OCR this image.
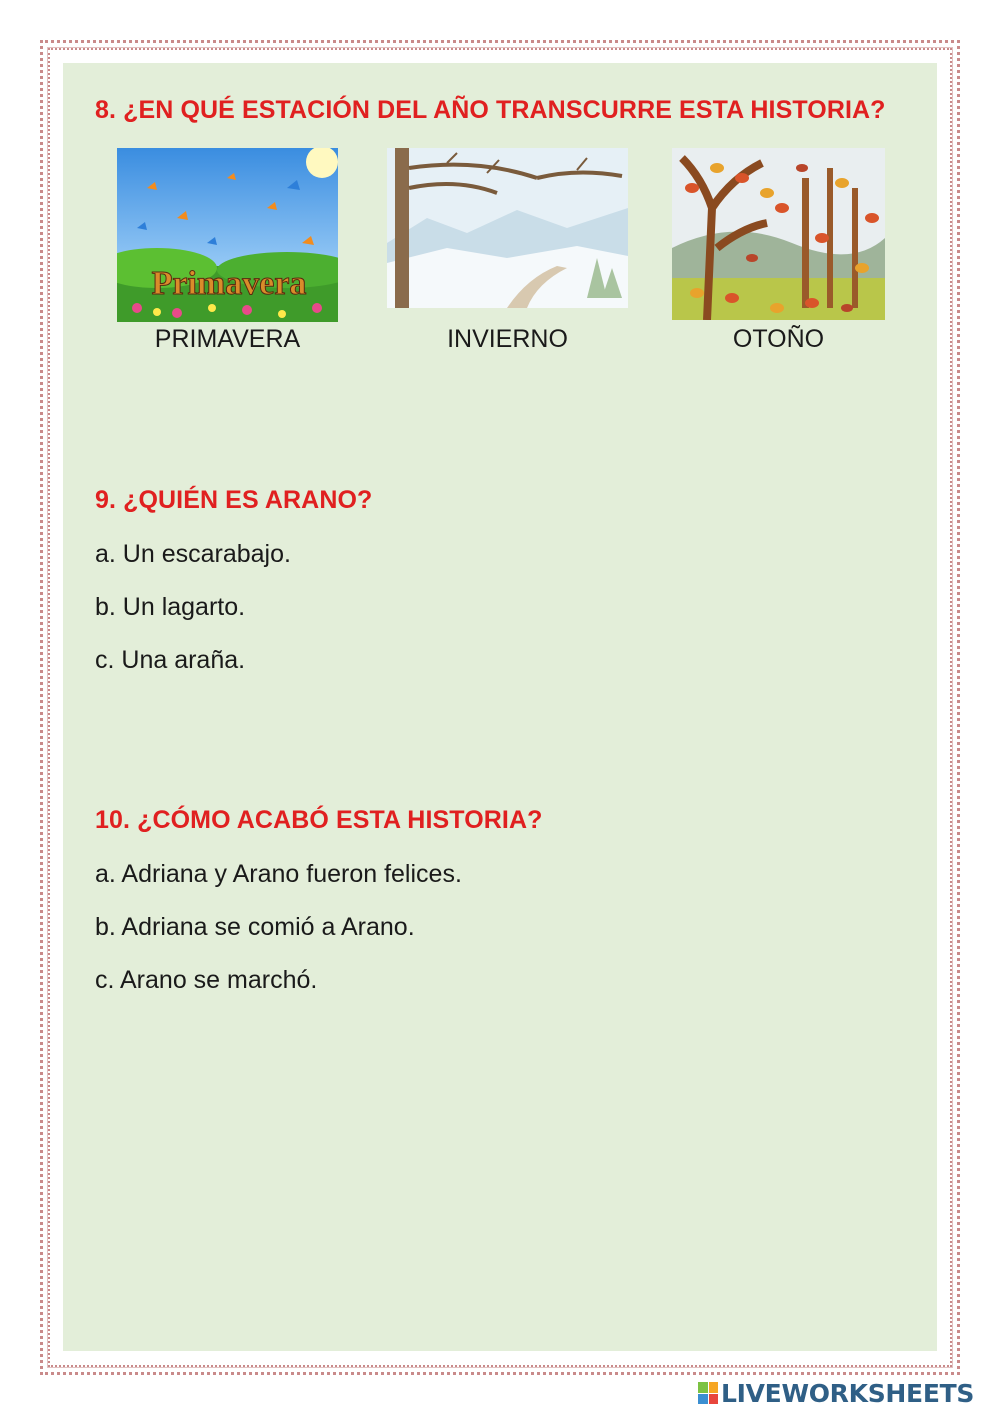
8. ¿EN QUÉ ESTACIÓN DEL AÑO TRANSCURRE ESTA HISTORIA?
Primavera

PRIMAVERA	INVIERNO	OTOÑO

9. ¿QUIÉN ES ARANO?

a. Un escarabajo.

b. Un lagarto.

c. Una araña.

10. ¿CÓMO ACABÓ ESTA HISTORIA?

a. Adriana y Arano fueron felices.

b. Adriana se comió a Arano.

c. Arano se marchó.

LIVEWORKSHEETS
